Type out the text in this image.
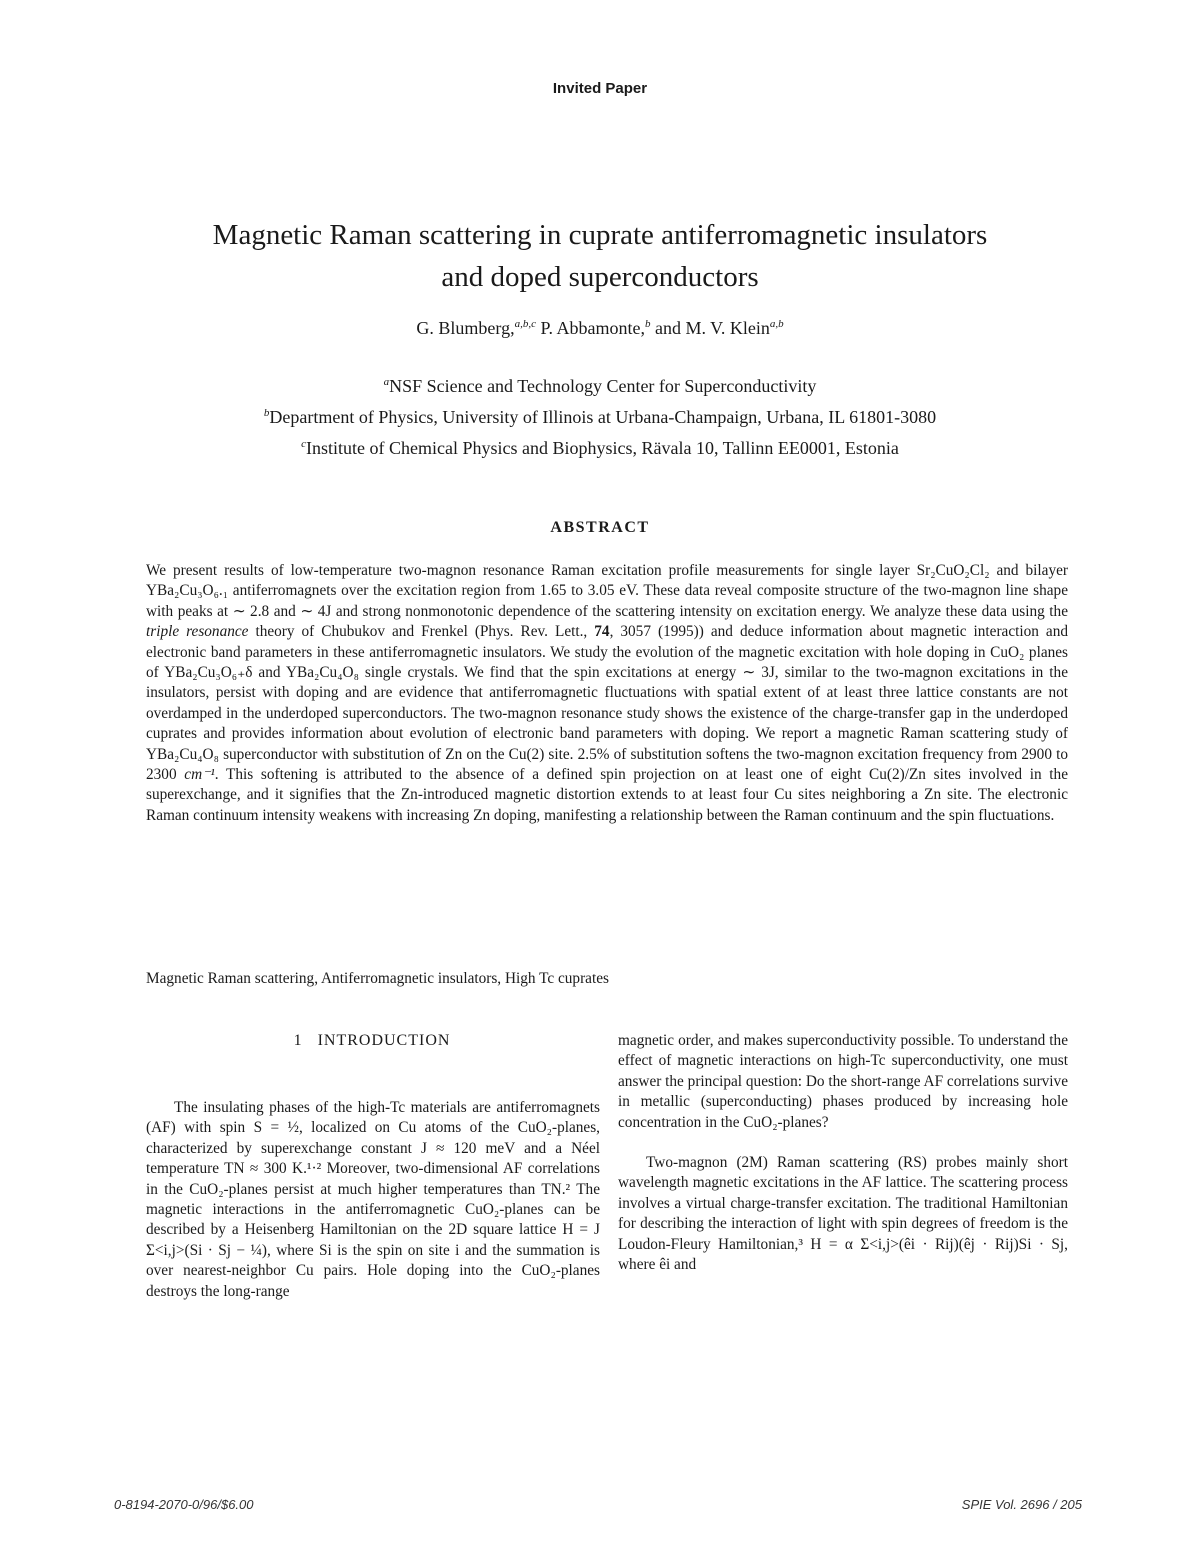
Invited Paper
Magnetic Raman scattering in cuprate antiferromagnetic insulators
and doped superconductors
G. Blumberg,$^{a,b,c}$ P. Abbamonte,$^b$ and M. V. Klein$^{a,b}$
$^a$NSF Science and Technology Center for Superconductivity
$^b$Department of Physics, University of Illinois at Urbana-Champaign, Urbana, IL 61801-3080
$^c$Institute of Chemical Physics and Biophysics, Rävala 10, Tallinn EE0001, Estonia
ABSTRACT
We present results of low-temperature two-magnon resonance Raman excitation profile measurements for single layer Sr₂CuO₂Cl₂ and bilayer YBa₂Cu₃O₆.₁ antiferromagnets over the excitation region from 1.65 to 3.05 eV. These data reveal composite structure of the two-magnon line shape with peaks at ∼ 2.8 and ∼ 4J and strong nonmonotonic dependence of the scattering intensity on excitation energy. We analyze these data using the triple resonance theory of Chubukov and Frenkel (Phys. Rev. Lett., 74, 3057 (1995)) and deduce information about magnetic interaction and electronic band parameters in these antiferromagnetic insulators. We study the evolution of the magnetic excitation with hole doping in CuO₂ planes of YBa₂Cu₃O₆₊δ and YBa₂Cu₄O₈ single crystals. We find that the spin excitations at energy ∼ 3J, similar to the two-magnon excitations in the insulators, persist with doping and are evidence that antiferromagnetic fluctuations with spatial extent of at least three lattice constants are not overdamped in the underdoped superconductors. The two-magnon resonance study shows the existence of the charge-transfer gap in the underdoped cuprates and provides information about evolution of electronic band parameters with doping. We report a magnetic Raman scattering study of YBa₂Cu₄O₈ superconductor with substitution of Zn on the Cu(2) site. 2.5% of substitution softens the two-magnon excitation frequency from 2900 to 2300 cm⁻¹. This softening is attributed to the absence of a defined spin projection on at least one of eight Cu(2)/Zn sites involved in the superexchange, and it signifies that the Zn-introduced magnetic distortion extends to at least four Cu sites neighboring a Zn site. The electronic Raman continuum intensity weakens with increasing Zn doping, manifesting a relationship between the Raman continuum and the spin fluctuations.
Magnetic Raman scattering, Antiferromagnetic insulators, High Tc cuprates
1   INTRODUCTION

The insulating phases of the high-Tc materials are antiferromagnets (AF) with spin S = ½, localized on Cu atoms of the CuO₂-planes, characterized by superexchange constant J ≈ 120 meV and a Néel temperature TN ≈ 300 K.¹·² Moreover, two-dimensional AF correlations in the CuO₂-planes persist at much higher temperatures than TN.² The magnetic interactions in the antiferromagnetic CuO₂-planes can be described by a Heisenberg Hamiltonian on the 2D square lattice H = J Σ<i,j>(Si · Sj − ¼), where Si is the spin on site i and the summation is over nearest-neighbor Cu pairs. Hole doping into the CuO₂-planes destroys the long-range

magnetic order, and makes superconductivity possible. To understand the effect of magnetic interactions on high-Tc superconductivity, one must answer the principal question: Do the short-range AF correlations survive in metallic (superconducting) phases produced by increasing hole concentration in the CuO₂-planes?

Two-magnon (2M) Raman scattering (RS) probes mainly short wavelength magnetic excitations in the AF lattice. The scattering process involves a virtual charge-transfer excitation. The traditional Hamiltonian for describing the interaction of light with spin degrees of freedom is the Loudon-Fleury Hamiltonian,³ H = α Σ<i,j>(êi · Rij)(êj · Rij)Si · Sj, where êi and

0-8194-2070-0/96/$6.00	SPIE Vol. 2696 / 205
